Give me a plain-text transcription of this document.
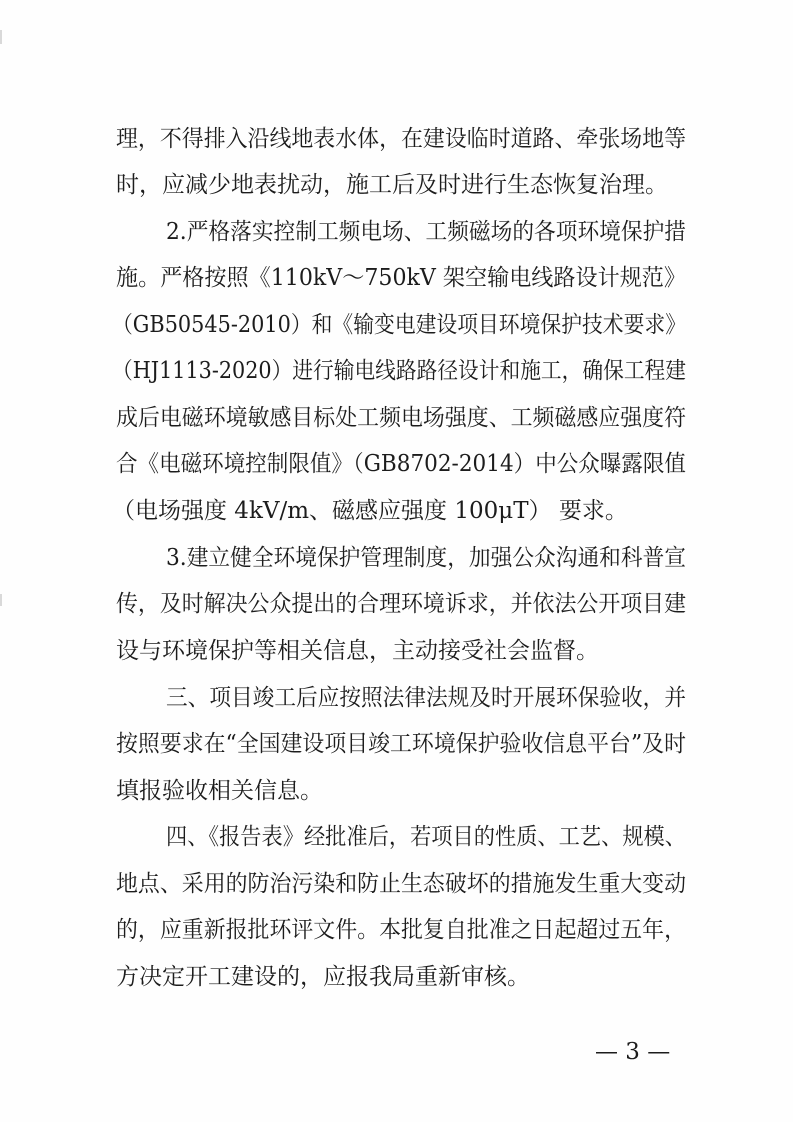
理，不得排入沿线地表水体，在建设临时道路、牵张场地等
时，应减少地表扰动，施工后及时进行生态恢复治理。
2.严格落实控制工频电场、工频磁场的各项环境保护措
施。严格按照《110kV～750kV 架空输电线路设计规范》
（GB50545-2010）和《输变电建设项目环境保护技术要求》
（HJ1113-2020）进行输电线路路径设计和施工，确保工程建
成后电磁环境敏感目标处工频电场强度、工频磁感应强度符
合《电磁环境控制限值》（GB8702-2014）中公众曝露限值
（电场强度 4kV/m、磁感应强度 100μT） 要求。
3.建立健全环境保护管理制度，加强公众沟通和科普宣
传，及时解决公众提出的合理环境诉求，并依法公开项目建
设与环境保护等相关信息，主动接受社会监督。
三、项目竣工后应按照法律法规及时开展环保验收，并
按照要求在“全国建设项目竣工环境保护验收信息平台”及时
填报验收相关信息。
四、《报告表》经批准后，若项目的性质、工艺、规模、
地点、采用的防治污染和防止生态破坏的措施发生重大变动
的，应重新报批环评文件。本批复自批准之日起超过五年，
方决定开工建设的，应报我局重新审核。
— 3 —
